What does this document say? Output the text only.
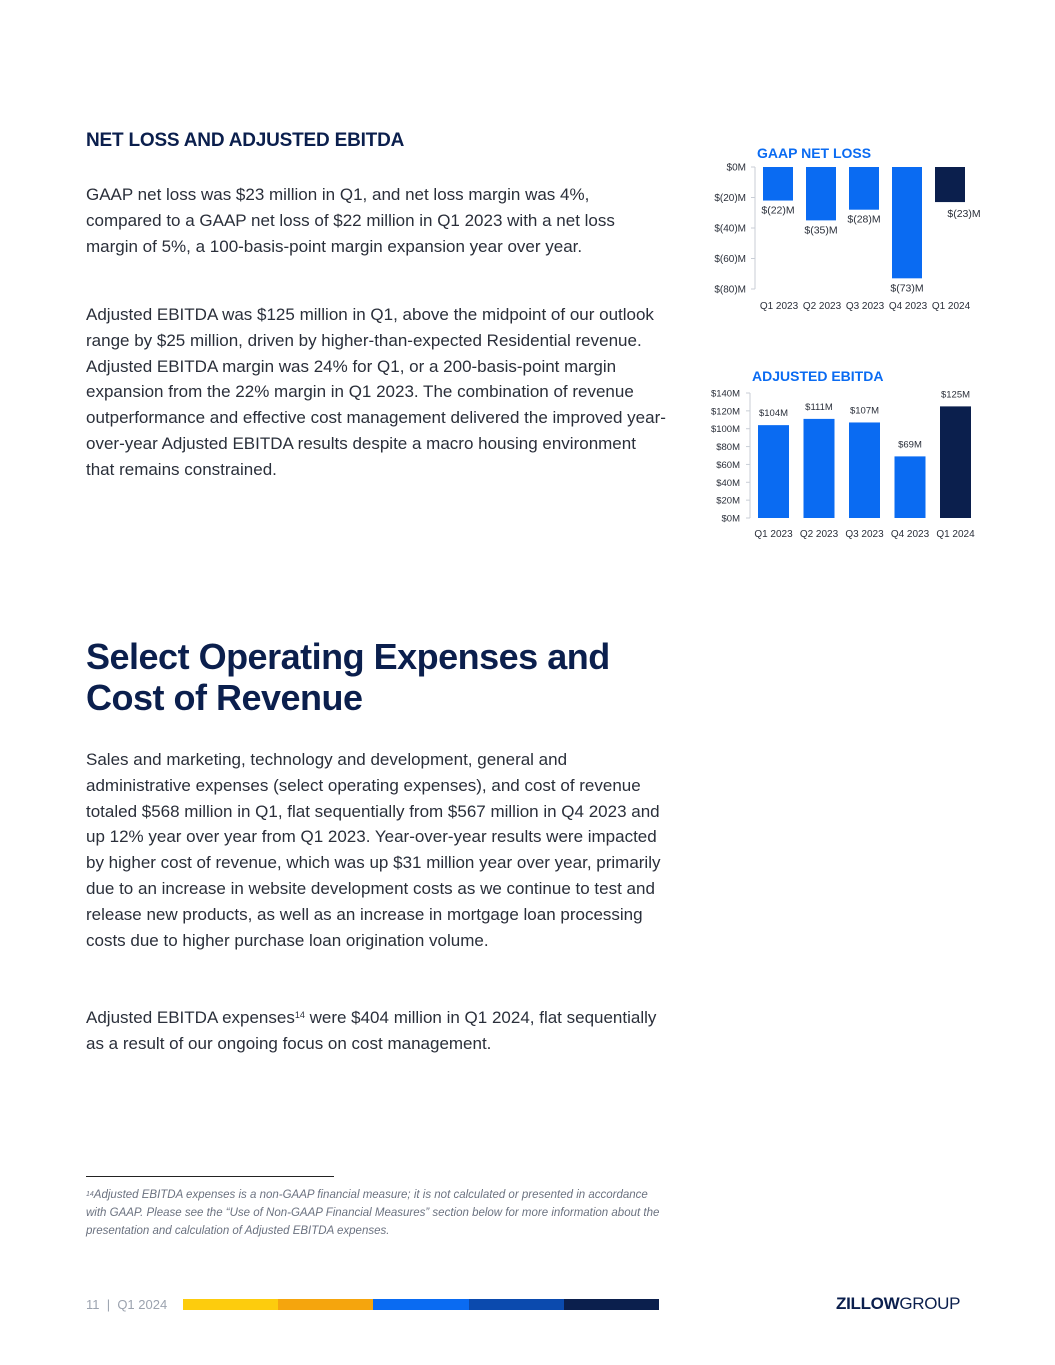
NET LOSS AND ADJUSTED EBITDA

GAAP net loss was $23 million in Q1, and net loss margin was 4%, compared to a GAAP net loss of $22 million in Q1 2023 with a net loss margin of 5%, a 100-basis-point margin expansion year over year.

Adjusted EBITDA was $125 million in Q1, above the midpoint of our outlook range by $25 million, driven by higher-than-expected Residential revenue. Adjusted EBITDA margin was 24% for Q1, or a 200-basis-point margin expansion from the 22% margin in Q1 2023. The combination of revenue outperformance and effective cost management delivered the improved year-over-year Adjusted EBITDA results despite a macro housing environment that remains constrained.

GAAP NET LOSS
$0M
$(20)M
$(40)M
$(60)M
$(80)M
$(22)M
Q1 2023
$(35)M
Q2 2023
$(28)M
Q3 2023
$(73)M
Q4 2023
$(23)M
Q1 2024
ADJUSTED EBITDA
$140M
$120M
$100M
$80M
$60M
$40M
$20M
$0M
$104M
Q1 2023
$111M
Q2 2023
$107M
Q3 2023
$69M
Q4 2023
$125M
Q1 2024
Select Operating Expenses and Cost of Revenue

Sales and marketing, technology and development, general and administrative expenses (select operating expenses), and cost of revenue totaled $568 million in Q1, flat sequentially from $567 million in Q4 2023 and up 12% year over year from Q1 2023. Year-over-year results were impacted by higher cost of revenue, which was up $31 million year over year, primarily due to an increase in website development costs as we continue to test and release new products, as well as an increase in mortgage loan processing costs due to higher purchase loan origination volume.

Adjusted EBITDA expenses$^{14}$ were $404 million in Q1 2024, flat sequentially as a result of our ongoing focus on cost management.

$^{14}$Adjusted EBITDA expenses is a non-GAAP financial measure; it is not calculated or presented in accordance with GAAP. Please see the “Use of Non-GAAP Financial Measures” section below for more information about the presentation and calculation of Adjusted EBITDA expenses.
11  |  Q1 2024	ZILLOWGROUP
